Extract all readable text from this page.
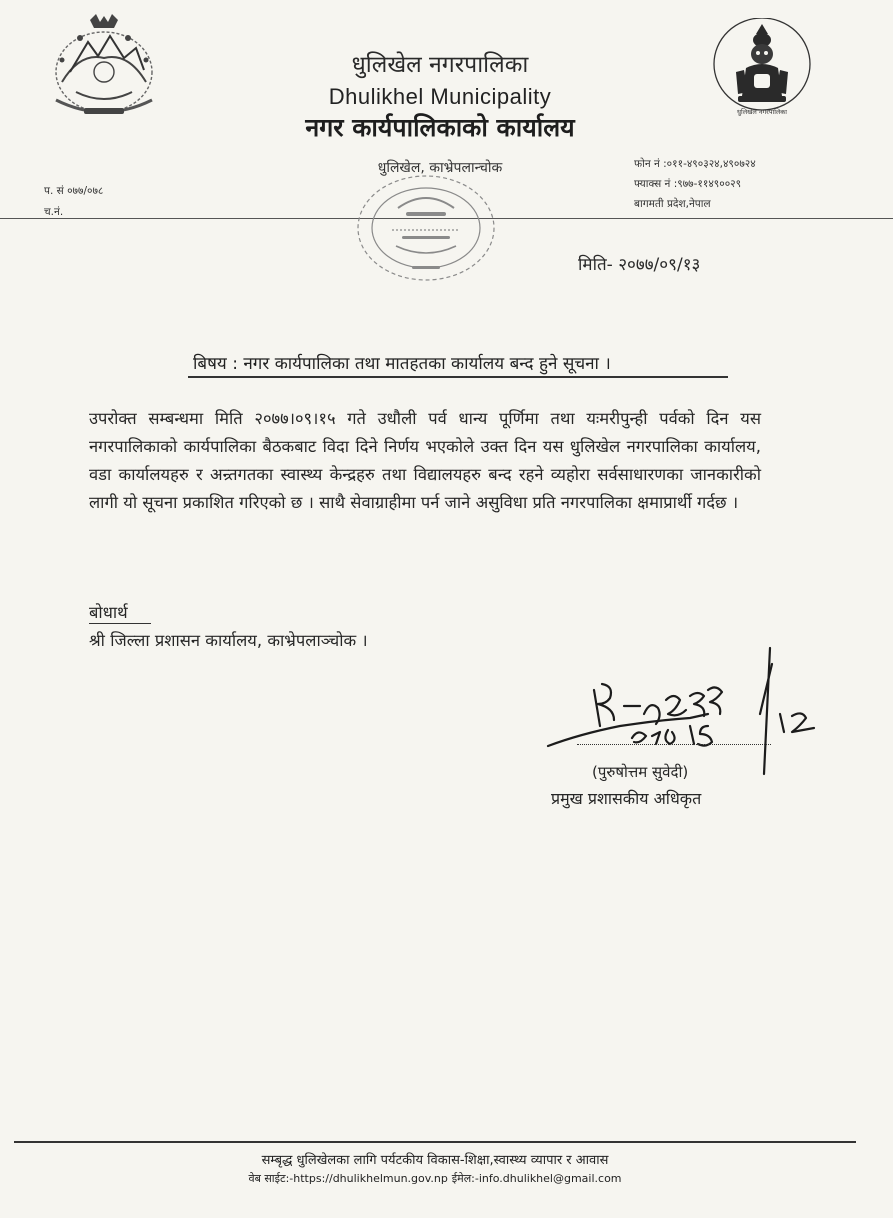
धुलिखेल नगरपालिका
धुलिखेल नगरपालिका
Dhulikhel Municipality
नगर कार्यपालिकाको कार्यालय
धुलिखेल, काभ्रेपलान्चोक	फोन नं :०११-४९०३२४,४९०७२४
फ्याक्स नं :९७७-११४९००२९
बागमती प्रदेश,नेपाल
प. सं ०७७/०७८
च.नं.
मिति- २०७७/०९/१३
बिषय : नगर कार्यपालिका तथा मातहतका कार्यालय बन्द हुने सूचना ।

उपरोक्त सम्बन्धमा मिति २०७७।०९।१५ गते उधौली पर्व धान्य पूर्णिमा तथा यःमरीपुन्ही पर्वको दिन यस नगरपालिकाको कार्यपालिका बैठकबाट विदा दिने निर्णय भएकोले उक्त दिन यस धुलिखेल नगरपालिका कार्यालय, वडा कार्यालयहरु र अन्र्तगतका स्वास्थ्य केन्द्रहरु तथा विद्यालयहरु बन्द रहने व्यहोरा सर्वसाधारणका जानकारीको लागी यो सूचना प्रकाशित गरिएको छ । साथै सेवाग्राहीमा पर्न जाने असुविधा प्रति नगरपालिका क्षमाप्रार्थी गर्दछ ।

बोधार्थ
श्री जिल्ला प्रशासन कार्यालय, काभ्रेपलाञ्चोक ।
(पुरुषोत्तम सुवेदी)
प्रमुख प्रशासकीय अधिकृत
सम्बृद्ध धुलिखेलका लागि पर्यटकीय विकास-शिक्षा,स्वास्थ्य व्यापार र आवास
वेब साईट:-https://dhulikhelmun.gov.np ईमेल:-info.dhulikhel@gmail.com
